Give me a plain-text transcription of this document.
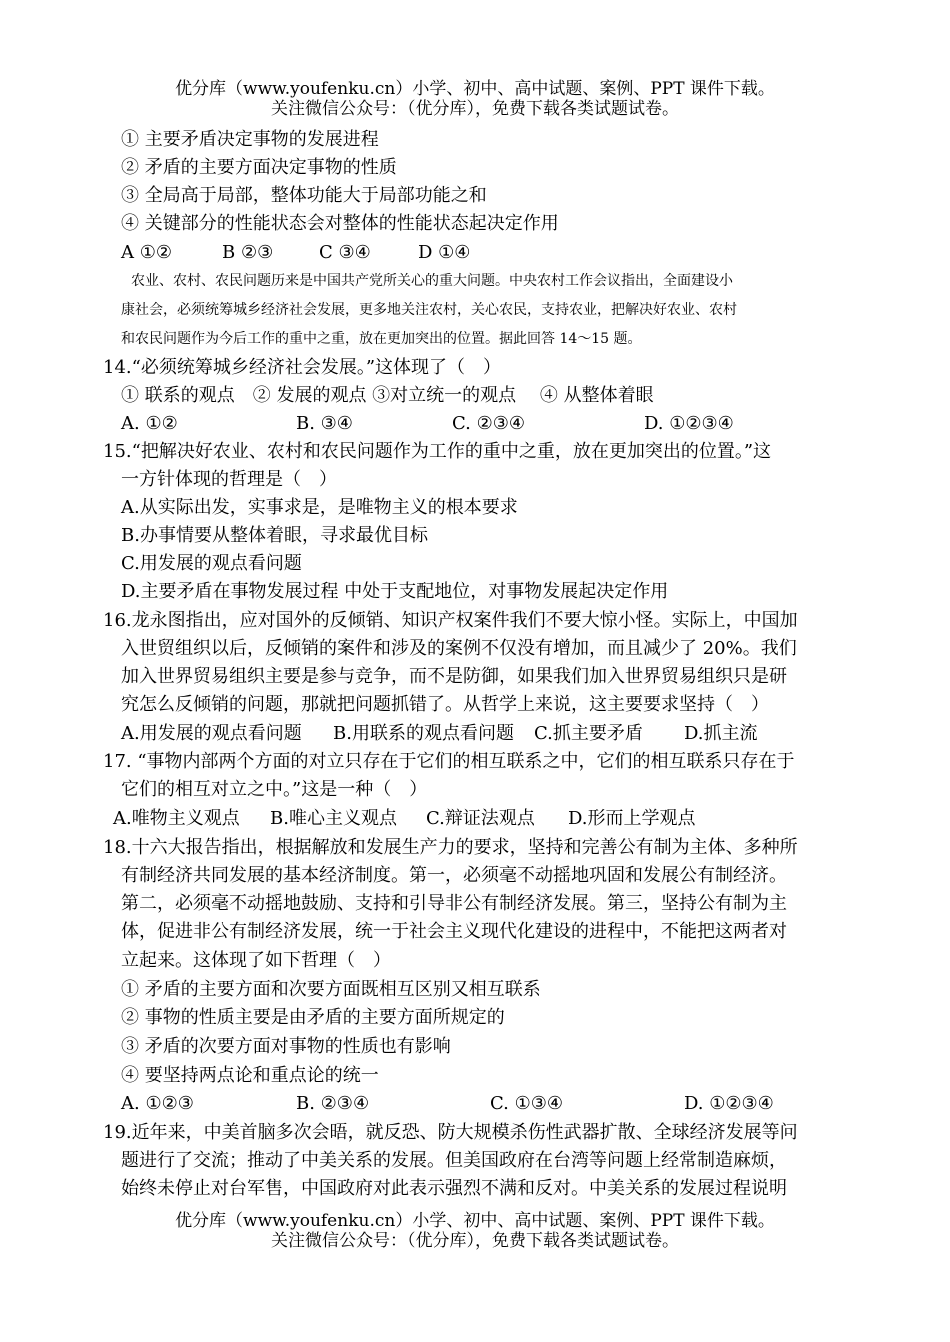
优分库（www.youfenku.cn）小学、初中、高中试题、案例、PPT 课件下载。
关注微信公众号：（优分库），免费下载各类试题试卷。
① 主要矛盾决定事物的发展进程
② 矛盾的主要方面决定事物的性质
③ 全局高于局部，整体功能大于局部功能之和
④ 关键部分的性能状态会对整体的性能状态起决定作用
A ①②	B ②③	C ③④	D ①④
农业、农村、农民问题历来是中国共产党所关心的重大问题。中央农村工作会议指出，全面建设小
康社会，必须统筹城乡经济社会发展，更多地关注农村，关心农民，支持农业，把解决好农业、农村
和农民问题作为今后工作的重中之重，放在更加突出的位置。据此回答 14～15 题。
14.“必须统筹城乡经济社会发展。”这体现了（　）
① 联系的观点　② 发展的观点 ③对立统一的观点　 ④ 从整体着眼
A. ①②	B. ③④	C. ②③④	D. ①②③④
15.“把解决好农业、农村和农民问题作为工作的重中之重，放在更加突出的位置。”这
一方针体现的哲理是（　）
A.从实际出发，实事求是，是唯物主义的根本要求
B.办事情要从整体着眼，寻求最优目标
C.用发展的观点看问题
D.主要矛盾在事物发展过程 中处于支配地位，对事物发展起决定作用
16.龙永图指出，应对国外的反倾销、知识产权案件我们不要大惊小怪。实际上，中国加
入世贸组织以后，反倾销的案件和涉及的案例不仅没有增加，而且减少了 20%。我们
加入世界贸易组织主要是参与竞争，而不是防御，如果我们加入世界贸易组织只是研
究怎么反倾销的问题，那就把问题抓错了。从哲学上来说，这主要要求坚持（　）
A.用发展的观点看问题 B.用联系的观点看问题 C.抓主要矛盾 D.抓主流
17. “事物内部两个方面的对立只存在于它们的相互联系之中，它们的相互联系只存在于
它们的相互对立之中。”这是一种（　）
A.唯物主义观点 B.唯心主义观点 C.辩证法观点 D.形而上学观点
18.十六大报告指出，根据解放和发展生产力的要求，坚持和完善公有制为主体、多种所
有制经济共同发展的基本经济制度。第一，必须毫不动摇地巩固和发展公有制经济。
第二，必须毫不动摇地鼓励、支持和引导非公有制经济发展。第三，坚持公有制为主
体，促进非公有制经济发展，统一于社会主义现代化建设的进程中，不能把这两者对
立起来。这体现了如下哲理（　）
① 矛盾的主要方面和次要方面既相互区别又相互联系
② 事物的性质主要是由矛盾的主要方面所规定的
③ 矛盾的次要方面对事物的性质也有影响
④ 要坚持两点论和重点论的统一
A. ①②③	B. ②③④	C. ①③④	D. ①②③④
19.近年来，中美首脑多次会晤，就反恐、防大规模杀伤性武器扩散、全球经济发展等问
题进行了交流；推动了中美关系的发展。但美国政府在台湾等问题上经常制造麻烦，
始终未停止对台军售，中国政府对此表示强烈不满和反对。中美关系的发展过程说明
优分库（www.youfenku.cn）小学、初中、高中试题、案例、PPT 课件下载。
关注微信公众号：（优分库），免费下载各类试题试卷。
